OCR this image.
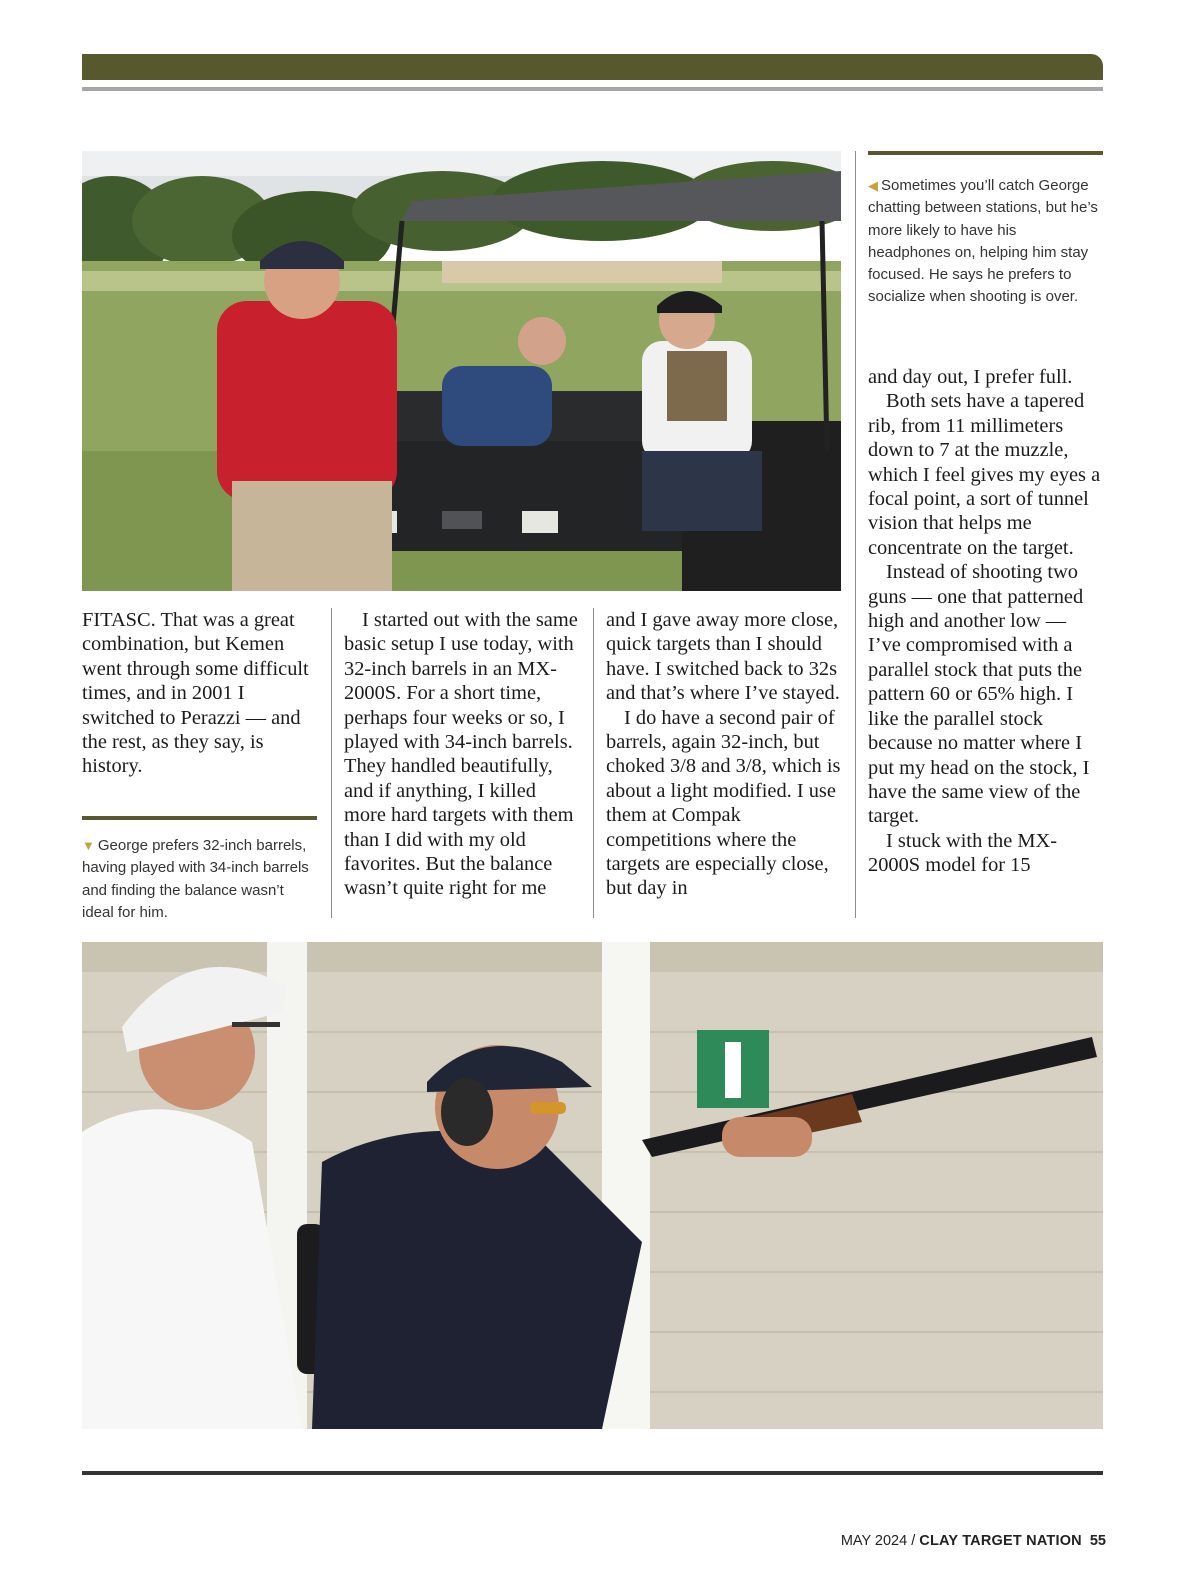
◀ Sometimes you’ll catch George chatting between stations, but he’s more likely to have his headphones on, helping him stay focused. He says he prefers to socialize when shooting is over.

FITASC. That was a great combination, but Kemen went through some difficult times, and in 2001 I switched to Perazzi — and the rest, as they say, is history.

▼ George prefers 32-inch barrels, having played with 34-inch barrels and finding the balance wasn’t ideal for him.

I started out with the same basic setup I use today, with 32-inch barrels in an MX-2000S. For a short time, perhaps four weeks or so, I played with 34-inch barrels. They handled beautifully, and if anything, I killed more hard targets with them than I did with my old favorites. But the balance wasn’t quite right for me

and I gave away more close, quick targets than I should have. I switched back to 32s and that’s where I’ve stayed.

I do have a second pair of barrels, again 32-inch, but choked 3/8 and 3/8, which is about a light modified. I use them at Compak competitions where the targets are especially close, but day in

and day out, I prefer full.

Both sets have a tapered rib, from 11 millimeters down to 7 at the muzzle, which I feel gives my eyes a focal point, a sort of tunnel vision that helps me concentrate on the target.

Instead of shooting two guns — one that patterned high and another low — I’ve compromised with a parallel stock that puts the pattern 60 or 65% high. I like the parallel stock because no matter where I put my head on the stock, I have the same view of the target.

I stuck with the MX-2000S model for 15

MAY 2024 / CLAY TARGET NATION 55
